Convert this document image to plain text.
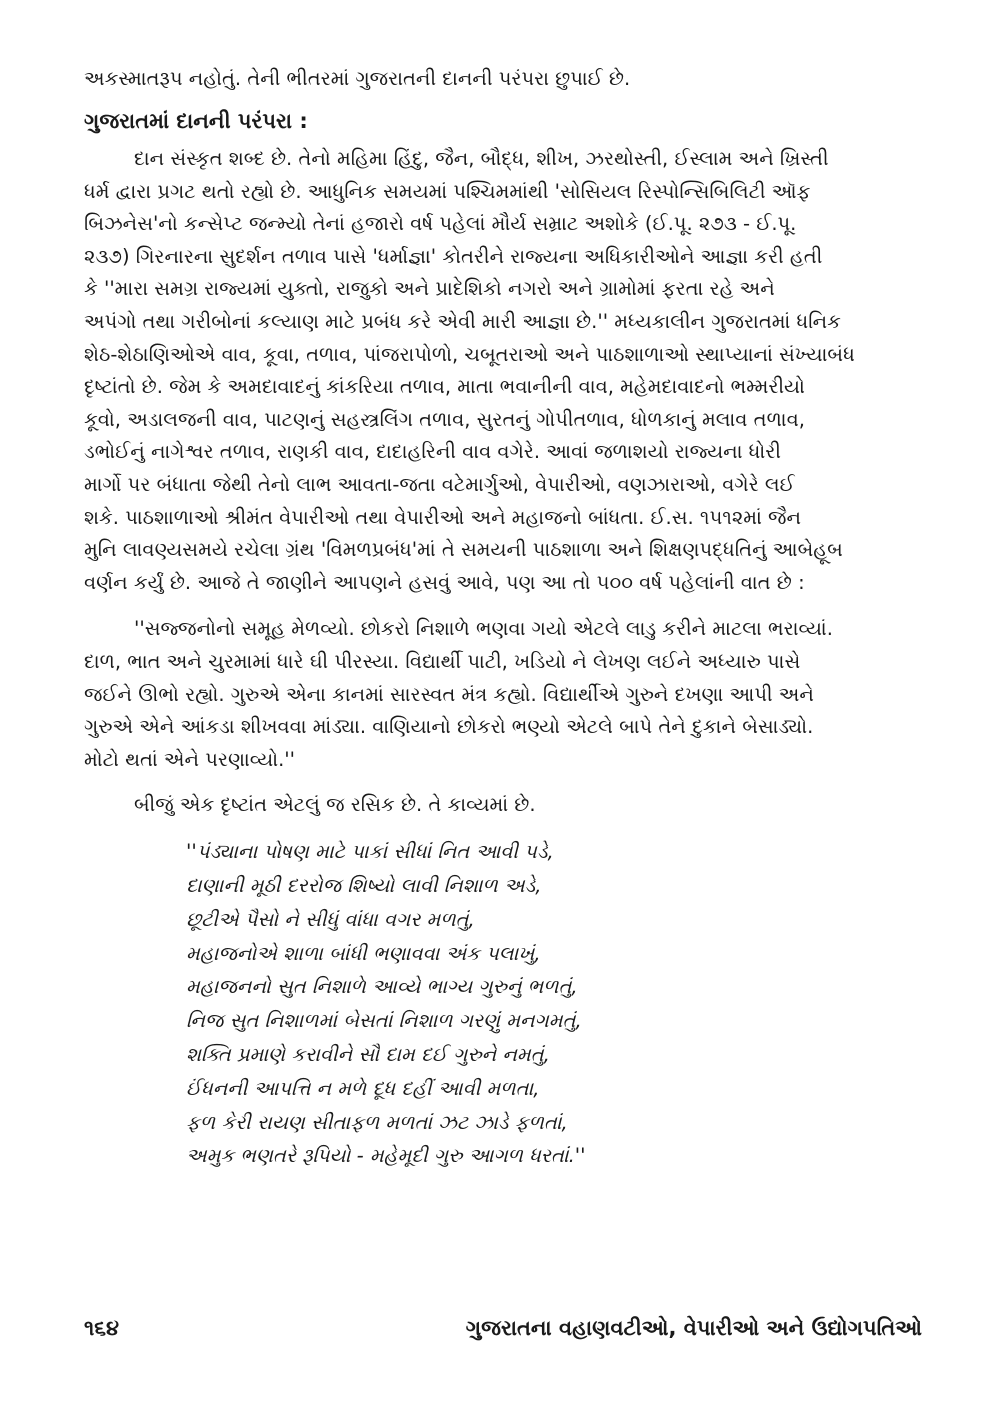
અકસ્માતરૂપ નહોતું. તેની ભીતરમાં ગુજરાતની દાનની પરંપરા છુપાઈ છે.
ગુજરાતમાં દાનની પરંપરા :

દાન સંસ્કૃત શબ્દ છે. તેનો મહિમા હિંદુ, જૈન, બૌદ્ધ, શીખ, ઝરથોસ્તી, ઈસ્લામ અને ખ્રિસ્તી

ધર્મ દ્વારા પ્રગટ થતો રહ્યો છે. આધુનિક સમયમાં પશ્ચિમમાંથી 'સોસિયલ રિસ્પોન્સિબિલિટી ઑફ

બિઝનેસ'નો કન્સેપ્ટ જન્મ્યો તેનાં હજારો વર્ષ પહેલાં મૌર્ય સમ્રાટ અશોકે (ઈ.પૂ. ૨૭૩ - ઈ.પૂ.

૨૩૭) ગિરનારના સુદર્શન તળાવ પાસે 'ધર્માજ્ઞા' કોતરીને રાજ્યના અધિકારીઓને આજ્ઞા કરી હતી

કે ''મારા સમગ્ર રાજ્યમાં યુક્તો, રાજુકો અને પ્રાદેશિકો નગરો અને ગ્રામોમાં ફરતા રહે અને

અપંગો તથા ગરીબોનાં કલ્યાણ માટે પ્રબંધ કરે એવી મારી આજ્ઞા છે.'' મધ્યકાલીન ગુજરાતમાં ધનિક

શેઠ-શેઠાણિઓએ વાવ, કૂવા, તળાવ, પાંજરાપોળો, ચબૂતરાઓ અને પાઠશાળાઓ સ્થાપ્યાનાં સંખ્યાબંધ

દૃષ્ટાંતો છે. જેમ કે અમદાવાદનું કાંકરિયા તળાવ, માતા ભવાનીની વાવ, મહેમદાવાદનો ભમ્મરીયો

કૂવો, અડાલજની વાવ, પાટણનું સહસ્ત્રલિંગ તળાવ, સુરતનું ગોપીતળાવ, ધોળકાનું મલાવ તળાવ,

ડભોઈનું નાગેશ્વર તળાવ, રાણકી વાવ, દાદાહરિની વાવ વગેરે. આવાં જળાશયો રાજ્યના ધોરી

માર્ગો પર બંધાતા જેથી તેનો લાભ આવતા-જતા વટેમાર્ગુઓ, વેપારીઓ, વણઝારાઓ, વગેરે લઈ

શકે. પાઠશાળાઓ શ્રીમંત વેપારીઓ તથા વેપારીઓ અને મહાજનો બાંધતા. ઈ.સ. ૧૫૧૨માં જૈન

મુનિ લાવણ્યસમયે રચેલા ગ્રંથ 'વિમળપ્રબંધ'માં તે સમયની પાઠશાળા અને શિક્ષણપદ્ધતિનું આબેહૂબ

વર્ણન કર્યું છે. આજે તે જાણીને આપણને હસવું આવે, પણ આ તો ૫૦૦ વર્ષ પહેલાંની વાત છે :

''સજ્જનોનો સમૂહ મેળવ્યો. છોકરો નિશાળે ભણવા ગયો એટલે લાડુ કરીને માટલા ભરાવ્યાં.

દાળ, ભાત અને ચુરમામાં ધારે ઘી પીરસ્યા. વિદ્યાર્થી પાટી, ખડિયો ને લેખણ લઈને અધ્યારુ પાસે

જઈને ઊભો રહ્યો. ગુરુએ એના કાનમાં સારસ્વત મંત્ર કહ્યો. વિદ્યાર્થીએ ગુરુને દખણા આપી અને

ગુરુએ એને આંકડા શીખવવા માંડ્યા. વાણિયાનો છોકરો ભણ્યો એટલે બાપે તેને દુકાને બેસાડ્યો.

મોટો થતાં એને પરણાવ્યો.''

બીજું એક દૃષ્ટાંત એટલું જ રસિક છે. તે કાવ્યમાં છે.
''પંડ્યાના પોષણ માટે પાકાં સીધાં નિત આવી પડે,
દાણાની મૂઠી દરરોજ શિષ્યો લાવી નિશાળ અડે,
છૂટીએ પૈસો ને સીધું વાંધા વગર મળતું,
મહાજનોએ શાળા બાંધી ભણાવવા અંક પલાખું,
મહાજનનો સુત નિશાળે આવ્યે ભાગ્ય ગુરુનું ભળતું,
નિજ સુત નિશાળમાં બેસતાં નિશાળ ગરણું મનગમતું,
શક્તિ પ્રમાણે કરાવીને સૌ દામ દઈ ગુરુને નમતું,
ઈંધનની આપત્તિ ન મળે દૂધ દહીં આવી મળતા,
ફળ કેરી રાયણ સીતાફળ મળતાં ઝટ ઝાડે ફળતાં,
અમુક ભણતરે રૂપિયો - મહેમૂદી ગુરુ આગળ ધરતાં.''
૧૬૪	ગુજરાતના વહાણવટીઓ, વેપારીઓ અને ઉદ્યોગપતિઓ
